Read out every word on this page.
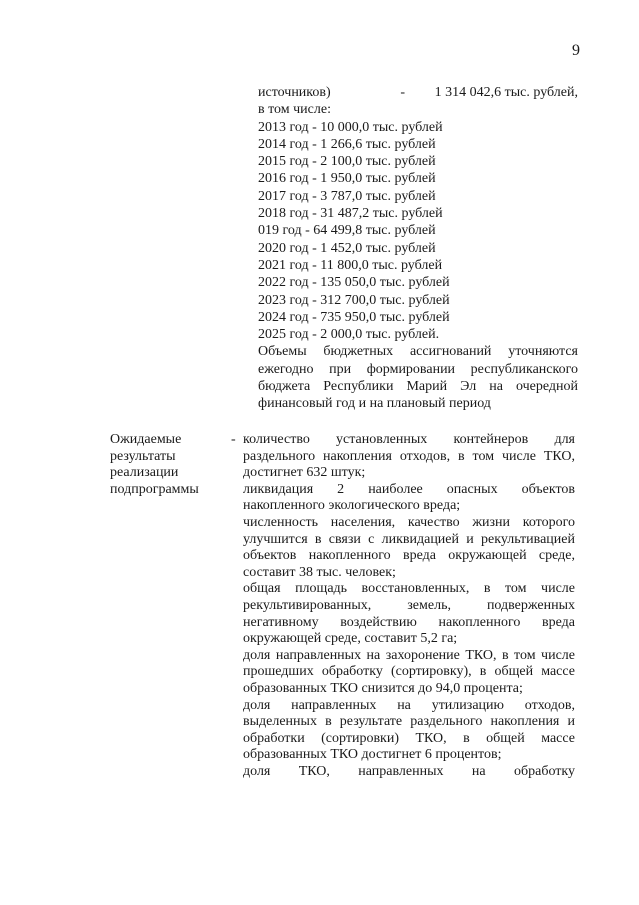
9
источников)	- 1 314 042,6 тыс. рублей,
в том числе:
2013 год - 10 000,0 тыс. рублей
2014 год - 1 266,6 тыс. рублей
2015 год - 2 100,0 тыс. рублей
2016 год - 1 950,0 тыс. рублей
2017 год - 3 787,0 тыс. рублей
2018 год - 31 487,2 тыс. рублей
019 год - 64 499,8 тыс. рублей
2020 год - 1 452,0 тыс. рублей
2021 год - 11 800,0 тыс. рублей
2022 год - 135 050,0 тыс. рублей
2023 год - 312 700,0 тыс. рублей
2024 год - 735 950,0 тыс. рублей
2025 год - 2 000,0 тыс. рублей.
Объемы бюджетных ассигнований уточняются ежегодно при формировании республиканского бюджета Республики Марий Эл на очередной финансовый год и на плановый период
Ожидаемые
результаты
реализации
подпрограммы
- количество установленных контейнеров для раздельного накопления отходов, в том числе ТКО, достигнет 632 штук;

ликвидация 2 наиболее опасных объектов накопленного экологического вреда;

численность населения, качество жизни которого улучшится в связи с ликвидацией и рекультивацией объектов накопленного вреда окружающей среде, составит 38 тыс. человек;

общая площадь восстановленных, в том числе рекультивированных, земель, подверженных негативному воздействию накопленного вреда окружающей среде, составит 5,2 га;

доля направленных на захоронение ТКО, в том числе прошедших обработку (сортировку), в общей массе образованных ТКО снизится до 94,0 процента;

доля направленных на утилизацию отходов, выделенных в результате раздельного накопления и обработки (сортировки) ТКО, в общей массе образованных ТКО достигнет 6 процентов;

доля ТКО, направленных на обработку
